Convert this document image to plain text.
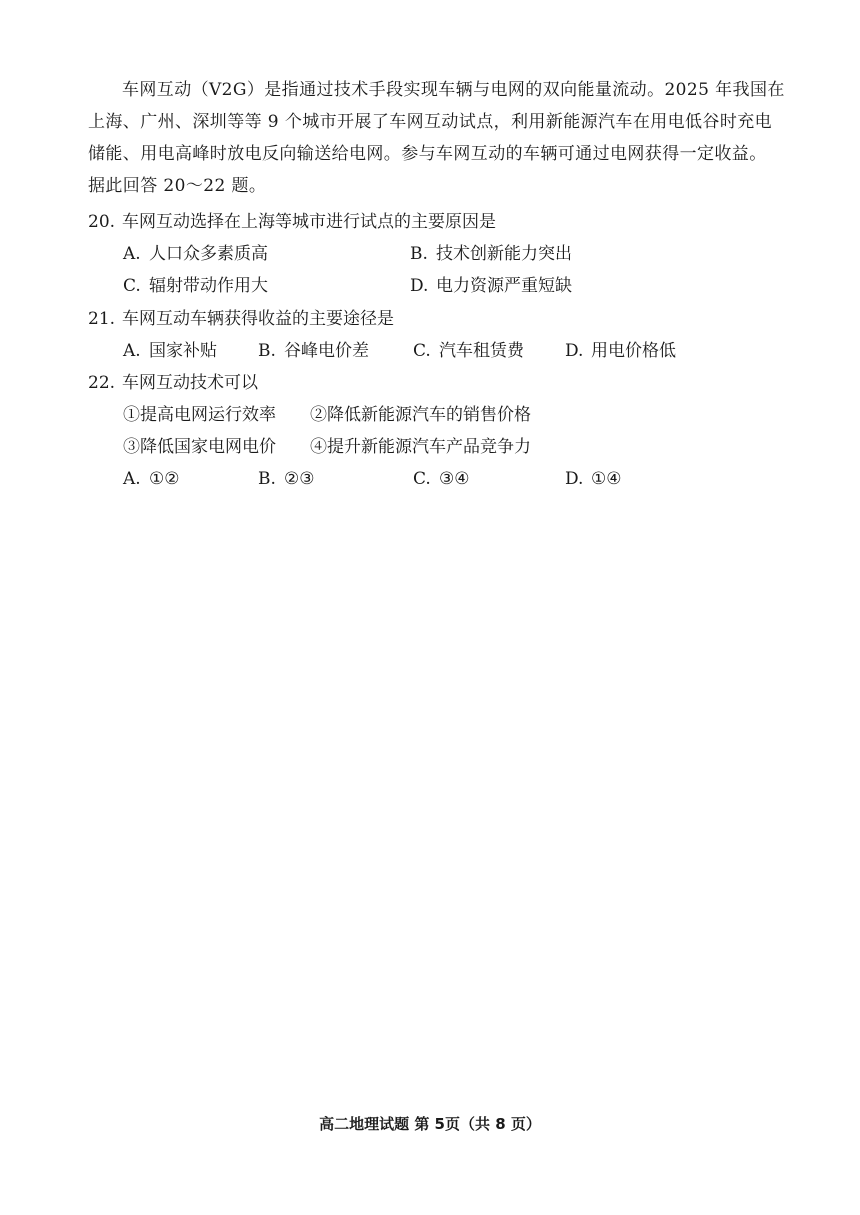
车网互动（V2G）是指通过技术手段实现车辆与电网的双向能量流动。2025 年我国在
上海、广州、深圳等等 9 个城市开展了车网互动试点，利用新能源汽车在用电低谷时充电
储能、用电高峰时放电反向输送给电网。参与车网互动的车辆可通过电网获得一定收益。
据此回答 20～22 题。
20. 车网互动选择在上海等城市进行试点的主要原因是
A. 人口众多素质高	B. 技术创新能力突出
C. 辐射带动作用大	D. 电力资源严重短缺
21. 车网互动车辆获得收益的主要途径是
A. 国家补贴 B. 谷峰电价差	C. 汽车租赁费 D. 用电价格低
22. 车网互动技术可以
①提高电网运行效率 ②降低新能源汽车的销售价格
③降低国家电网电价 ④提升新能源汽车产品竞争力
A. ①②	B. ②③	C. ③④	D. ①④
高二地理试题 第 5页（共 8 页）
